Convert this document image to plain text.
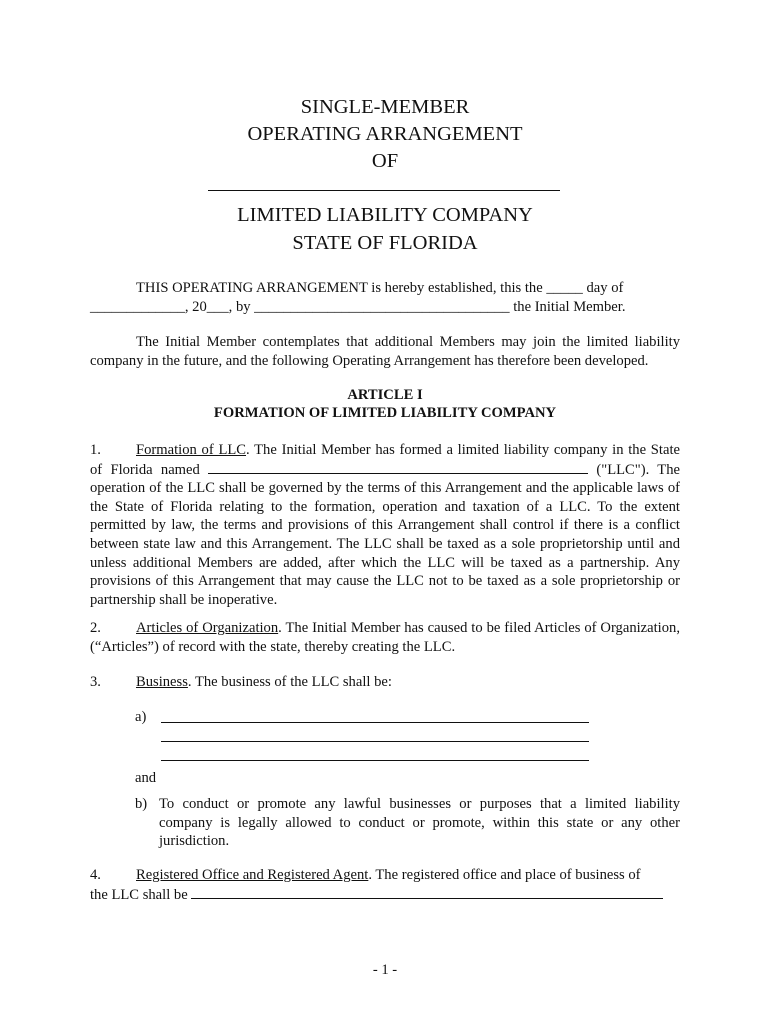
SINGLE-MEMBER
OPERATING ARRANGEMENT
OF
LIMITED LIABILITY COMPANY
STATE OF FLORIDA
THIS OPERATING ARRANGEMENT is hereby established, this the _____ day of
_____________, 20___, by ___________________________________ the Initial Member.
The Initial Member contemplates that additional Members may join the limited liability company in the future, and the following Operating Arrangement has therefore been developed.
ARTICLE I
FORMATION OF LIMITED LIABILITY COMPANY
1. Formation of LLC. The Initial Member has formed a limited liability company in the State of Florida named	("LLC"). The operation of the LLC shall be governed by the terms of this Arrangement and the applicable laws of the State of Florida relating to the formation, operation and taxation of a LLC. To the extent permitted by law, the terms and provisions of this Arrangement shall control if there is a conflict between state law and this Arrangement. The LLC shall be taxed as a sole proprietorship until and unless additional Members are added, after which the LLC will be taxed as a partnership. Any provisions of this Arrangement that may cause the LLC not to be taxed as a sole proprietorship or partnership shall be inoperative.
2. Articles of Organization. The Initial Member has caused to be filed Articles of Organization, (“Articles”) of record with the state, thereby creating the LLC.
3. Business. The business of the LLC shall be:
a)
and
b) To conduct or promote any lawful businesses or purposes that a limited liability company is legally allowed to conduct or promote, within this state or any other jurisdiction.
4. Registered Office and Registered Agent. The registered office and place of business of
the LLC shall be
- 1 -
